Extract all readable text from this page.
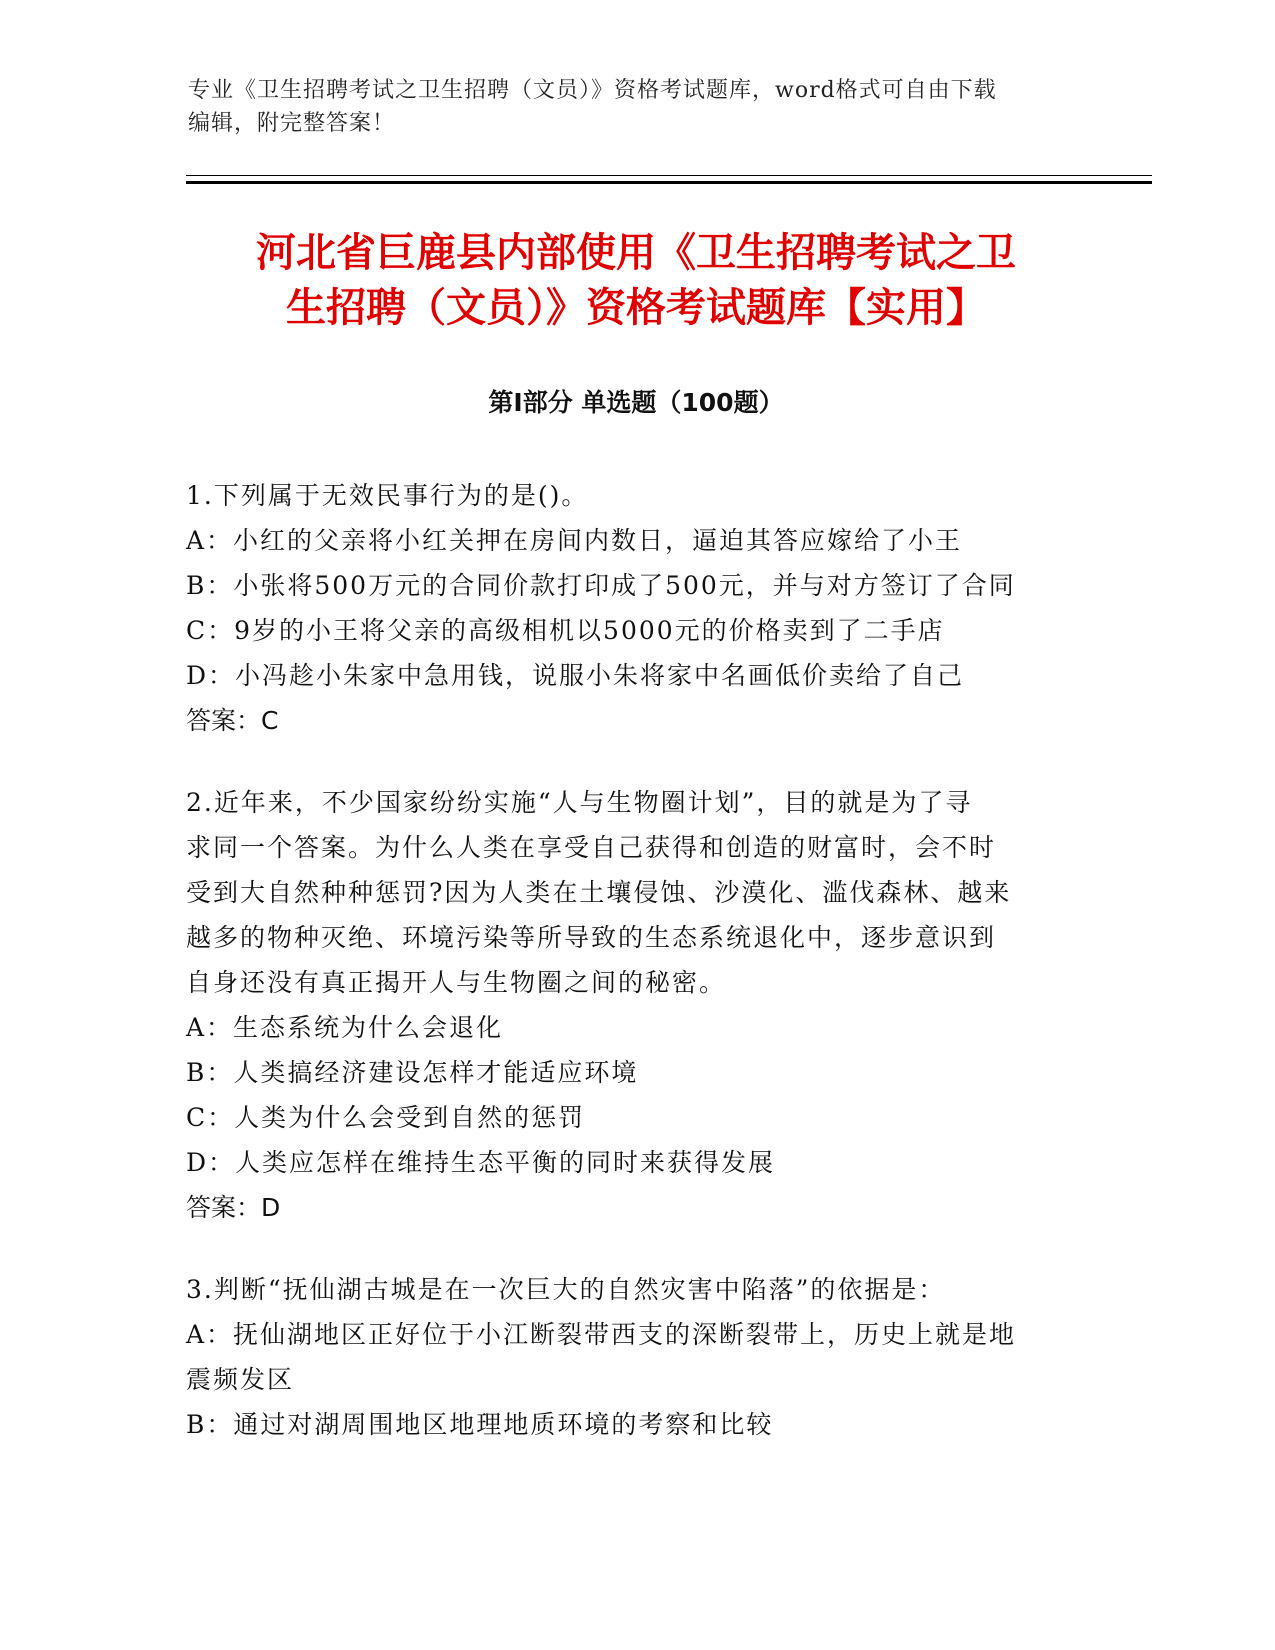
专业《卫生招聘考试之卫生招聘（文员）》资格考试题库，word格式可自由下载
编辑，附完整答案！
河北省巨鹿县内部使用《卫生招聘考试之卫
生招聘（文员）》资格考试题库【实用】
第Ⅰ部分 单选题（100题）
1.下列属于无效民事行为的是()。
A：小红的父亲将小红关押在房间内数日，逼迫其答应嫁给了小王
B：小张将500万元的合同价款打印成了500元，并与对方签订了合同
C：9岁的小王将父亲的高级相机以5000元的价格卖到了二手店
D：小冯趁小朱家中急用钱，说服小朱将家中名画低价卖给了自己
答案：C
2.近年来，不少国家纷纷实施“人与生物圈计划”，目的就是为了寻
求同一个答案。为什么人类在享受自己获得和创造的财富时，会不时
受到大自然种种惩罚?因为人类在土壤侵蚀、沙漠化、滥伐森林、越来
越多的物种灭绝、环境污染等所导致的生态系统退化中，逐步意识到
自身还没有真正揭开人与生物圈之间的秘密。
A：生态系统为什么会退化
B：人类搞经济建设怎样才能适应环境
C：人类为什么会受到自然的惩罚
D：人类应怎样在维持生态平衡的同时来获得发展
答案：D
3.判断“抚仙湖古城是在一次巨大的自然灾害中陷落”的依据是：
A：抚仙湖地区正好位于小江断裂带西支的深断裂带上，历史上就是地
震频发区
B：通过对湖周围地区地理地质环境的考察和比较
